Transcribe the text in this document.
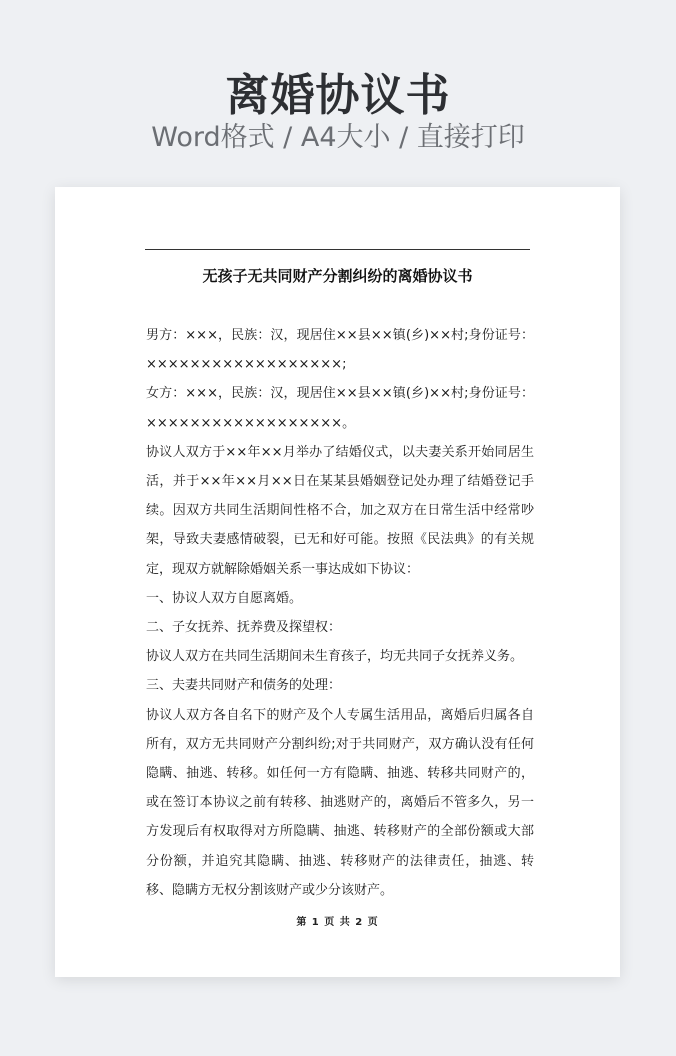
离婚协议书
Word格式 / A4大小 / 直接打印
无孩子无共同财产分割纠纷的离婚协议书

男方：×××，民族：汉，现居住××县××镇(乡)××村;身份证号：××××××××××××××××××;

女方：×××，民族：汉，现居住××县××镇(乡)××村;身份证号：××××××××××××××××××。

协议人双方于××年××月举办了结婚仪式，以夫妻关系开始同居生活，并于××年××月××日在某某县婚姻登记处办理了结婚登记手续。因双方共同生活期间性格不合，加之双方在日常生活中经常吵架，导致夫妻感情破裂，已无和好可能。按照《民法典》的有关规定，现双方就解除婚姻关系一事达成如下协议：

一、协议人双方自愿离婚。

二、子女抚养、抚养费及探望权：

协议人双方在共同生活期间未生育孩子，均无共同子女抚养义务。

三、夫妻共同财产和债务的处理：

协议人双方各自名下的财产及个人专属生活用品，离婚后归属各自所有，双方无共同财产分割纠纷;对于共同财产，双方确认没有任何隐瞒、抽逃、转移。如任何一方有隐瞒、抽逃、转移共同财产的，或在签订本协议之前有转移、抽逃财产的，离婚后不管多久，另一方发现后有权取得对方所隐瞒、抽逃、转移财产的全部份额或大部分份额，并追究其隐瞒、抽逃、转移财产的法律责任，抽逃、转移、隐瞒方无权分割该财产或少分该财产。

第 1 页 共 2 页
